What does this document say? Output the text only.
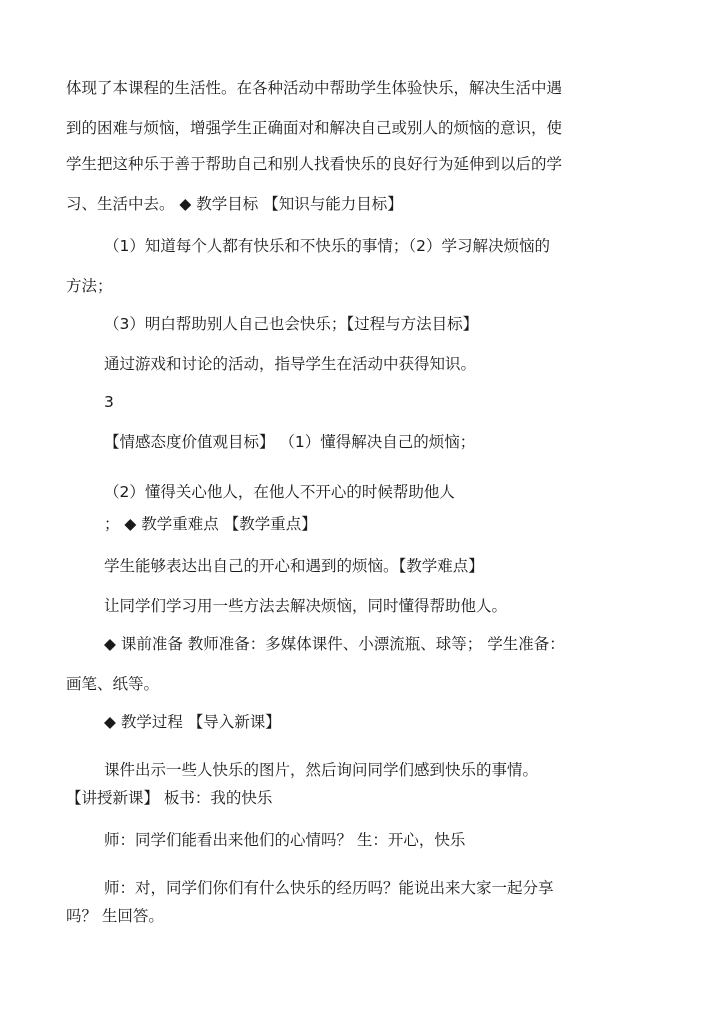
体现了本课程的生活性。在各种活动中帮助学生体验快乐，解决生活中遇
到的困难与烦恼，增强学生正确面对和解决自己或别人的烦恼的意识，使
学生把这种乐于善于帮助自己和别人找看快乐的良好行为延伸到以后的学
习、生活中去。 ◆ 教学目标 【知识与能力目标】
（1）知道每个人都有快乐和不快乐的事情；（2）学习解决烦恼的
方法；
（3）明白帮助别人自己也会快乐；【过程与方法目标】
通过游戏和讨论的活动，指导学生在活动中获得知识。
3
【情感态度价值观目标】 （1）懂得解决自己的烦恼；
（2）懂得关心他人，在他人不开心的时候帮助他人
； ◆ 教学重难点 【教学重点】
学生能够表达出自己的开心和遇到的烦恼。【教学难点】
让同学们学习用一些方法去解决烦恼，同时懂得帮助他人。
◆ 课前准备 教师准备：多媒体课件、小漂流瓶、球等； 学生准备：
画笔、纸等。
◆ 教学过程 【导入新课】
课件出示一些人快乐的图片，然后询问同学们感到快乐的事情。
【讲授新课】 板书：我的快乐
师：同学们能看出来他们的心情吗？ 生：开心，快乐
师：对，同学们你们有什么快乐的经历吗？能说出来大家一起分享
吗？ 生回答。
